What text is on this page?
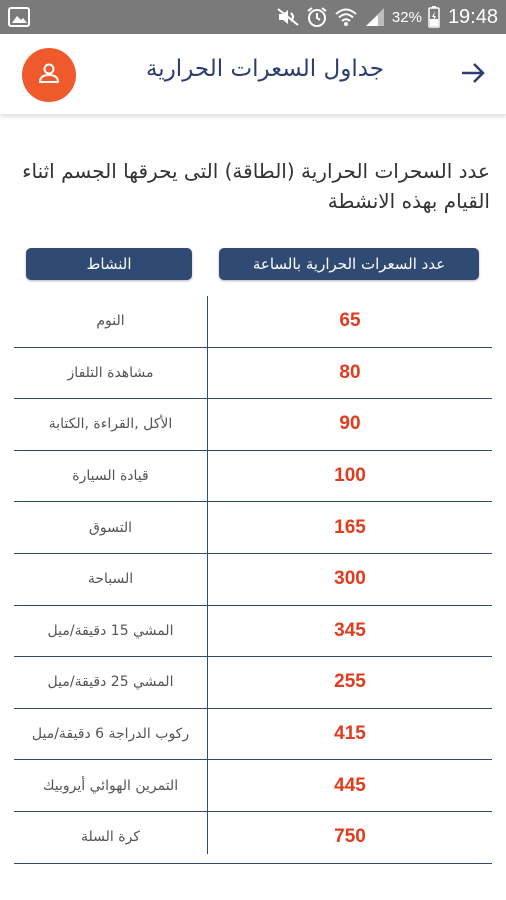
32% 19:48
جداول السعرات الحرارية
عدد السحرات الحرارية (الطاقة) التى يحرقها الجسم اثناء القيام بهذه الانشطة
النشاط	عدد السعرات الحرارية بالساعة
النوم	65
مشاهدة التلفاز	80
الأكل ,القراءة ,الكتابة	90
قيادة السيارة	100
التسوق	165
السباحة	300
المشي 15 دقيقة/ميل	345
المشي 25 دقيقة/ميل	255
ركوب الدراجة 6 دقيقة/ميل	415
التمرين الهوائي أيروبيك	445
كرة السلة	750
